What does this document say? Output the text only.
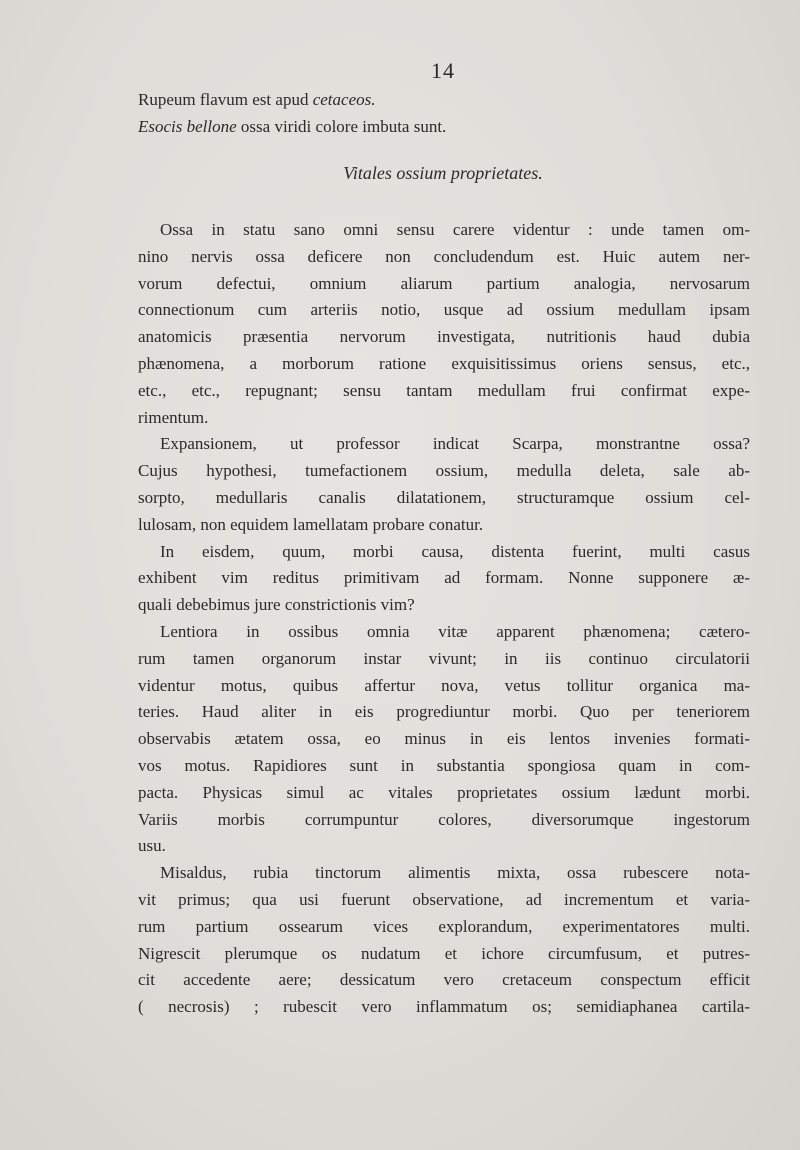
14
Rupeum flavum est apud cetaceos.
Esocis bellone ossa viridi colore imbuta sunt.
Vitales ossium proprietates.
Ossa in statu sano omni sensu carere videntur : unde tamen om-
nino nervis ossa deficere non concludendum est. Huic autem ner-
vorum defectui, omnium aliarum partium analogia, nervosarum
connectionum cum arteriis notio, usque ad ossium medullam ipsam
anatomicis præsentia nervorum investigata, nutritionis haud dubia
phænomena, a morborum ratione exquisitissimus oriens sensus, etc.,
etc., etc., repugnant; sensu tantam medullam frui confirmat expe-
rimentum.
Expansionem, ut professor indicat Scarpa, monstrantne ossa?
Cujus hypothesi, tumefactionem ossium, medulla deleta, sale ab-
sorpto, medullaris canalis dilatationem, structuramque ossium cel-
lulosam, non equidem lamellatam probare conatur.
In eisdem, quum, morbi causa, distenta fuerint, multi casus
exhibent vim reditus primitivam ad formam. Nonne supponere æ-
quali debebimus jure constrictionis vim?
Lentiora in ossibus omnia vitæ apparent phænomena; cætero-
rum tamen organorum instar vivunt; in iis continuo circulatorii
videntur motus, quibus affertur nova, vetus tollitur organica ma-
teries. Haud aliter in eis progrediuntur morbi. Quo per teneriorem
observabis ætatem ossa, eo minus in eis lentos invenies formati-
vos motus. Rapidiores sunt in substantia spongiosa quam in com-
pacta. Physicas simul ac vitales proprietates ossium lædunt morbi.
Variis morbis corrumpuntur colores, diversorumque ingestorum
usu.
Misaldus, rubia tinctorum alimentis mixta, ossa rubescere nota-
vit primus; qua usi fuerunt observatione, ad incrementum et varia-
rum partium ossearum vices explorandum, experimentatores multi.
Nigrescit plerumque os nudatum et ichore circumfusum, et putres-
cit accedente aere; dessicatum vero cretaceum conspectum efficit
( necrosis) ; rubescit vero inflammatum os; semidiaphanea cartila-
